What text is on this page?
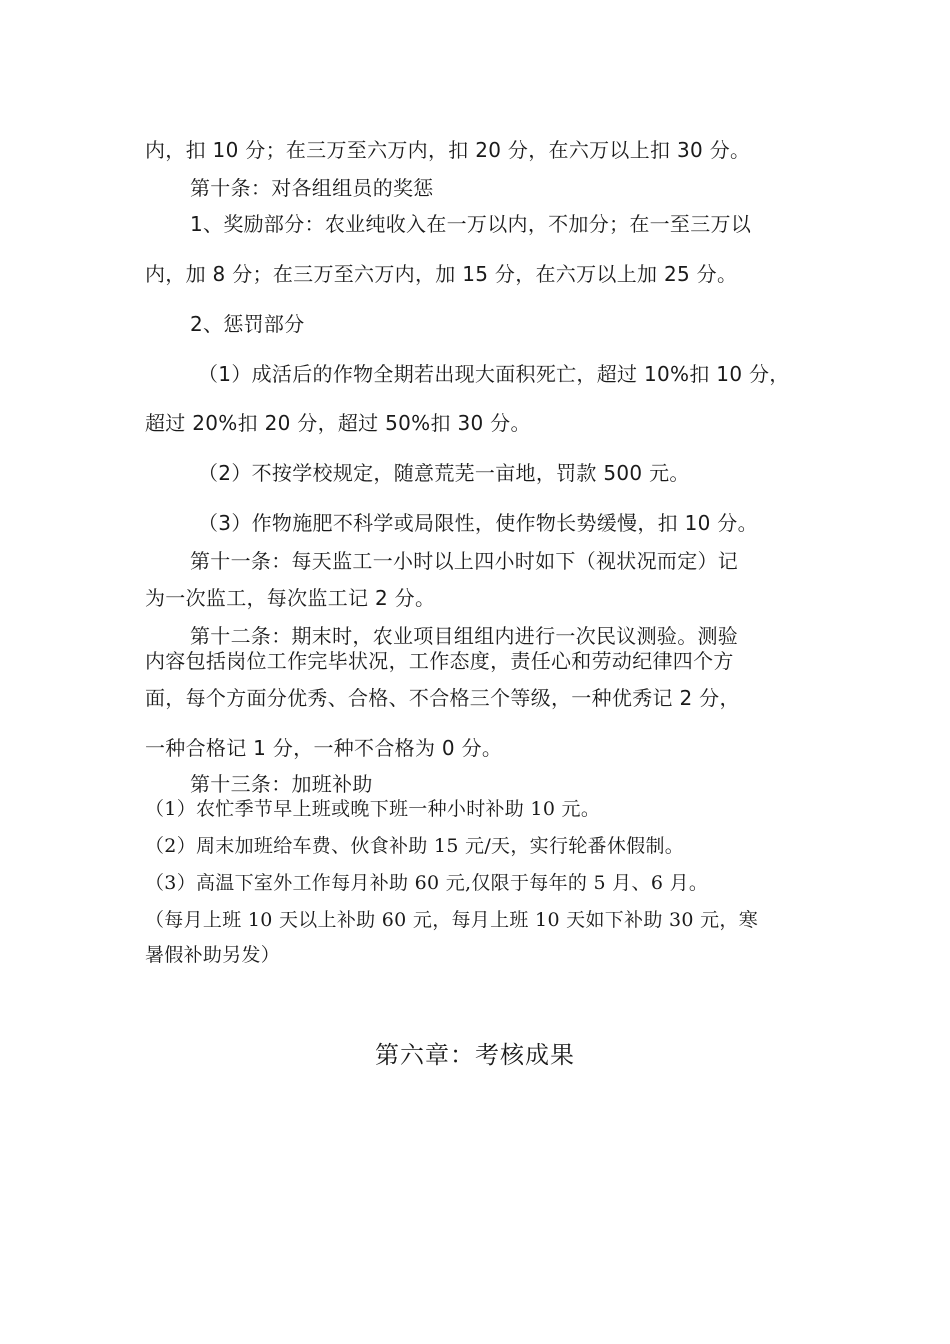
内，扣 10 分；在三万至六万内，扣 20 分，在六万以上扣 30 分。
第十条：对各组组员的奖惩
1、奖励部分：农业纯收入在一万以内，不加分；在一至三万以
内，加 8 分；在三万至六万内，加 15 分，在六万以上加 25 分。
2、惩罚部分
（1）成活后的作物全期若出现大面积死亡，超过 10%扣 10 分，
超过 20%扣 20 分，超过 50%扣 30 分。
（2）不按学校规定，随意荒芜一亩地，罚款 500 元。
（3）作物施肥不科学或局限性，使作物长势缓慢，扣 10 分。
第十一条：每天监工一小时以上四小时如下（视状况而定）记
为一次监工，每次监工记 2 分。
第十二条：期末时，农业项目组组内进行一次民议测验。测验
内容包括岗位工作完毕状况，工作态度，责任心和劳动纪律四个方
面，每个方面分优秀、合格、不合格三个等级，一种优秀记 2 分，
一种合格记 1 分，一种不合格为 0 分。
第十三条：加班补助
（1）农忙季节早上班或晚下班一种小时补助 10 元。
（2）周末加班给车费、伙食补助 15 元/天，实行轮番休假制。
（3）高温下室外工作每月补助 60 元,仅限于每年的 5 月、6 月。
（每月上班 10 天以上补助 60 元，每月上班 10 天如下补助 30 元，寒
暑假补助另发）
第六章：考核成果
